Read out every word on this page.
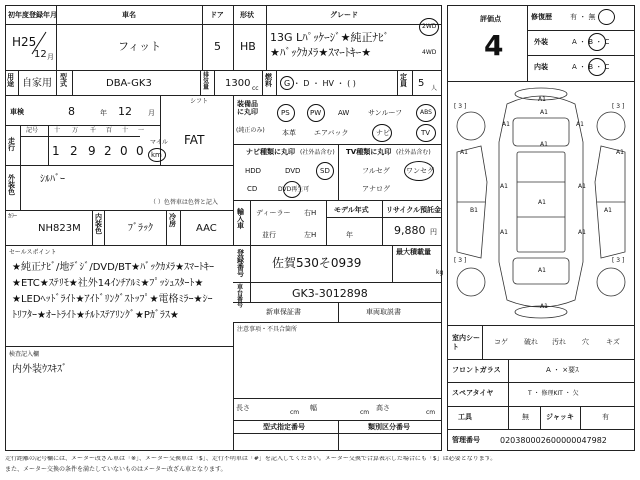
初年度登録年月	車名	ドア 形状	グレード
H25
12 月
フィット	5 HB
13G Lﾊﾟｯｹｰｼﾞ★純正ﾅﾋﾞ
★ﾊﾞｯｸｶﾒﾗ★ｽﾏｰﾄｷｰ★
2WD
4WD
用途 自家用
型式	DBA-GK3
排気量 1300 cc
燃料 G ・ D ・ HV ・ ( )
定員 5 人
車検	8	年 12 月
シフト
FAT
走行
記号	十 万 千 百 十 一
1 2 9 2 0 0
マイル
km
外装色
ｼﾙﾊﾞｰ
（ ）色替車は色替と記入
ｶﾗｰ
NH823M
内装色	ﾌﾞﾗｯｸ
冷房 AAC
装備品に丸印
(純正のみ)
PS	PW AW	サンルーフ	ABS
本革	エアバック	ナビ	TV
ナビ種類に丸印 (社外品含む)
HDD	DVD	SD
CD	DVD再生可
TV種類に丸印 (社外品含む)
フルセグ ワンセグ
アナログ
輸入車
ディーラー
並行
右H
左H
モデル年式
年
リサイクル預託金
9,880 円
登録番号
佐賀530そ0939
最大積載量
kg
車台番号
GK3-3012898
新車保証書	車両取説書
セールスポイント
★純正ﾅﾋﾞ/地ﾃﾞｼﾞ/DVD/BT★ﾊﾞｯｸｶﾒﾗ★ｽﾏｰﾄｷｰ
★ETC★ｽﾃﾘﾓ★社外14ｲﾝﾁｱﾙﾐ★ﾌﾟｯｼｭｽﾀｰﾄ★
★LEDﾍｯﾄﾞﾗｲﾄ★ｱｲﾄﾞﾘﾝｸﾞｽﾄｯﾌﾟ★電格ﾐﾗｰ★ｼｰ
ﾄﾘﾌﾀｰ★ｵｰﾄﾗｲﾄ★ﾁﾙﾄｽﾃｱﾘﾝｸﾞ★Pｶﾞﾗｽ★
検査記入欄
内外装ｳｽｷｽﾞ
注意事項・不具合箇所
長さ
cm
幅
cm
高さ
cm
型式指定番号	類別区分番号
評価点
4
修復歴	有 ・ 無
外装	A ・ B ・ C
内装	A ・ B ・ C
A1
A1
A1	A1
A1
A1	A1
A1	A1
A1
B1	A1
A1	A1
A1
A1
[ 3 ]	[ 3 ]
[ 3 ]	[ 3 ]
室内シート
コゲ 破れ 汚れ 穴 キズ
フロントガラス	A ・ ×要ｽ
スペアタイヤ	T ・ 修理KIT ・ 欠
工具	無 ジャッキ	有
管理番号	020380002600000047982
走行距離の記号欄には、メーター改ざん車は「※」、メーター交換車は「$」、走行不明車は「#」を記入してください。メーター交換で合算表示した場合にも「$」は必要となります。
また、メーター交換の条件を満たしていないものはメーター改ざん車となります。
